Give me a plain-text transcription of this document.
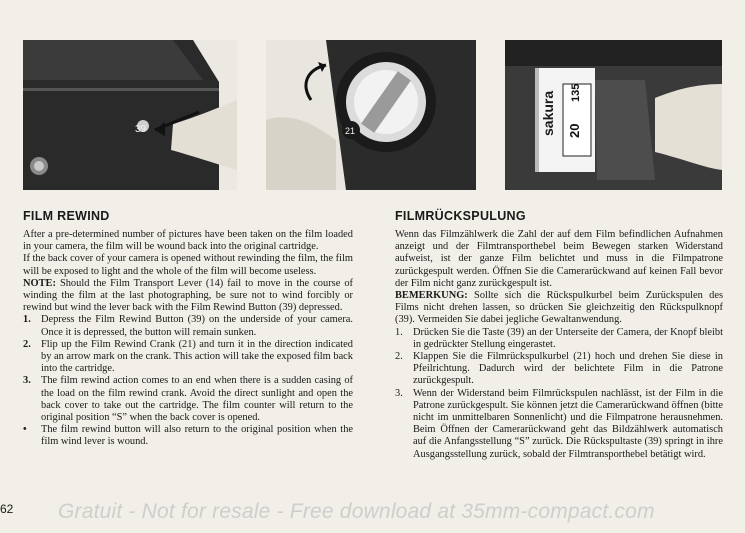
39	21	sakura 135
20
FILM REWIND	FILMRÜCKSPULUNG

After a pre-determined number of pictures have been taken on the film loaded in your camera, the film will be wound back into the original cartridge.

If the back cover of your camera is opened without rewinding the film, the film will be exposed to light and the whole of the film will become useless.

NOTE: Should the Film Transport Lever (14) fail to move in the course of winding the film at the last photographing, be sure not to wind forcibly or rewind but wind the lever back with the Film Rewind Button (39) depressed.

1. Depress the Film Rewind Button (39) on the underside of your camera. Once it is depressed, the button will remain sunken.
2. Flip up the Film Rewind Crank (21) and turn it in the direction indicated by an arrow mark on the crank. This action will take the exposed film back into the cartridge.
3. The film rewind action comes to an end when there is a sudden casing of the load on the film rewind crank. Avoid the direct sunlight and open the back cover to take out the cartridge. The film counter will return to the original position “S” when the back cover is opened.
• The film rewind button will also return to the original position when the film wind lever is wound.

Wenn das Filmzählwerk die Zahl der auf dem Film befindlichen Aufnahmen anzeigt und der Filmtransporthebel beim Bewegen starken Widerstand aufweist, ist der ganze Film belichtet und muss in die Filmpatrone zurückgespult werden. Öffnen Sie die Camerarückwand auf keinen Fall bevor der Film nicht ganz zurückgespult ist.

BEMERKUNG: Sollte sich die Rückspulkurbel beim Zurückspulen des Films nicht drehen lassen, so drücken Sie gleichzeitig den Rückspulknopf (39). Vermeiden Sie dabei jegliche Gewaltanwendung.

1. Drücken Sie die Taste (39) an der Unterseite der Camera, der Knopf bleibt in gedrückter Stellung eingerastet.
2. Klappen Sie die Filmrückspulkurbel (21) hoch und drehen Sie diese in Pfeilrichtung. Dadurch wird der belichtete Film in die Patrone zurückgespult.
3. Wenn der Widerstand beim Filmrückspulen nachlässt, ist der Film in die Patrone zurückgespult. Sie können jetzt die Camerarückwand öffnen (bitte nicht im unmittelbaren Sonnenlicht) und die Filmpatrone herausnehmen. Beim Öffnen der Camerarückwand geht das Bildzählwerk automatisch auf die Anfangsstellung “S” zurück. Die Rückspultaste (39) springt in ihre Ausgangsstellung zurück, sobald der Filmtransporthebel betätigt wird.
62 Gratuit - Not for resale - Free download at 35mm-compact.com
